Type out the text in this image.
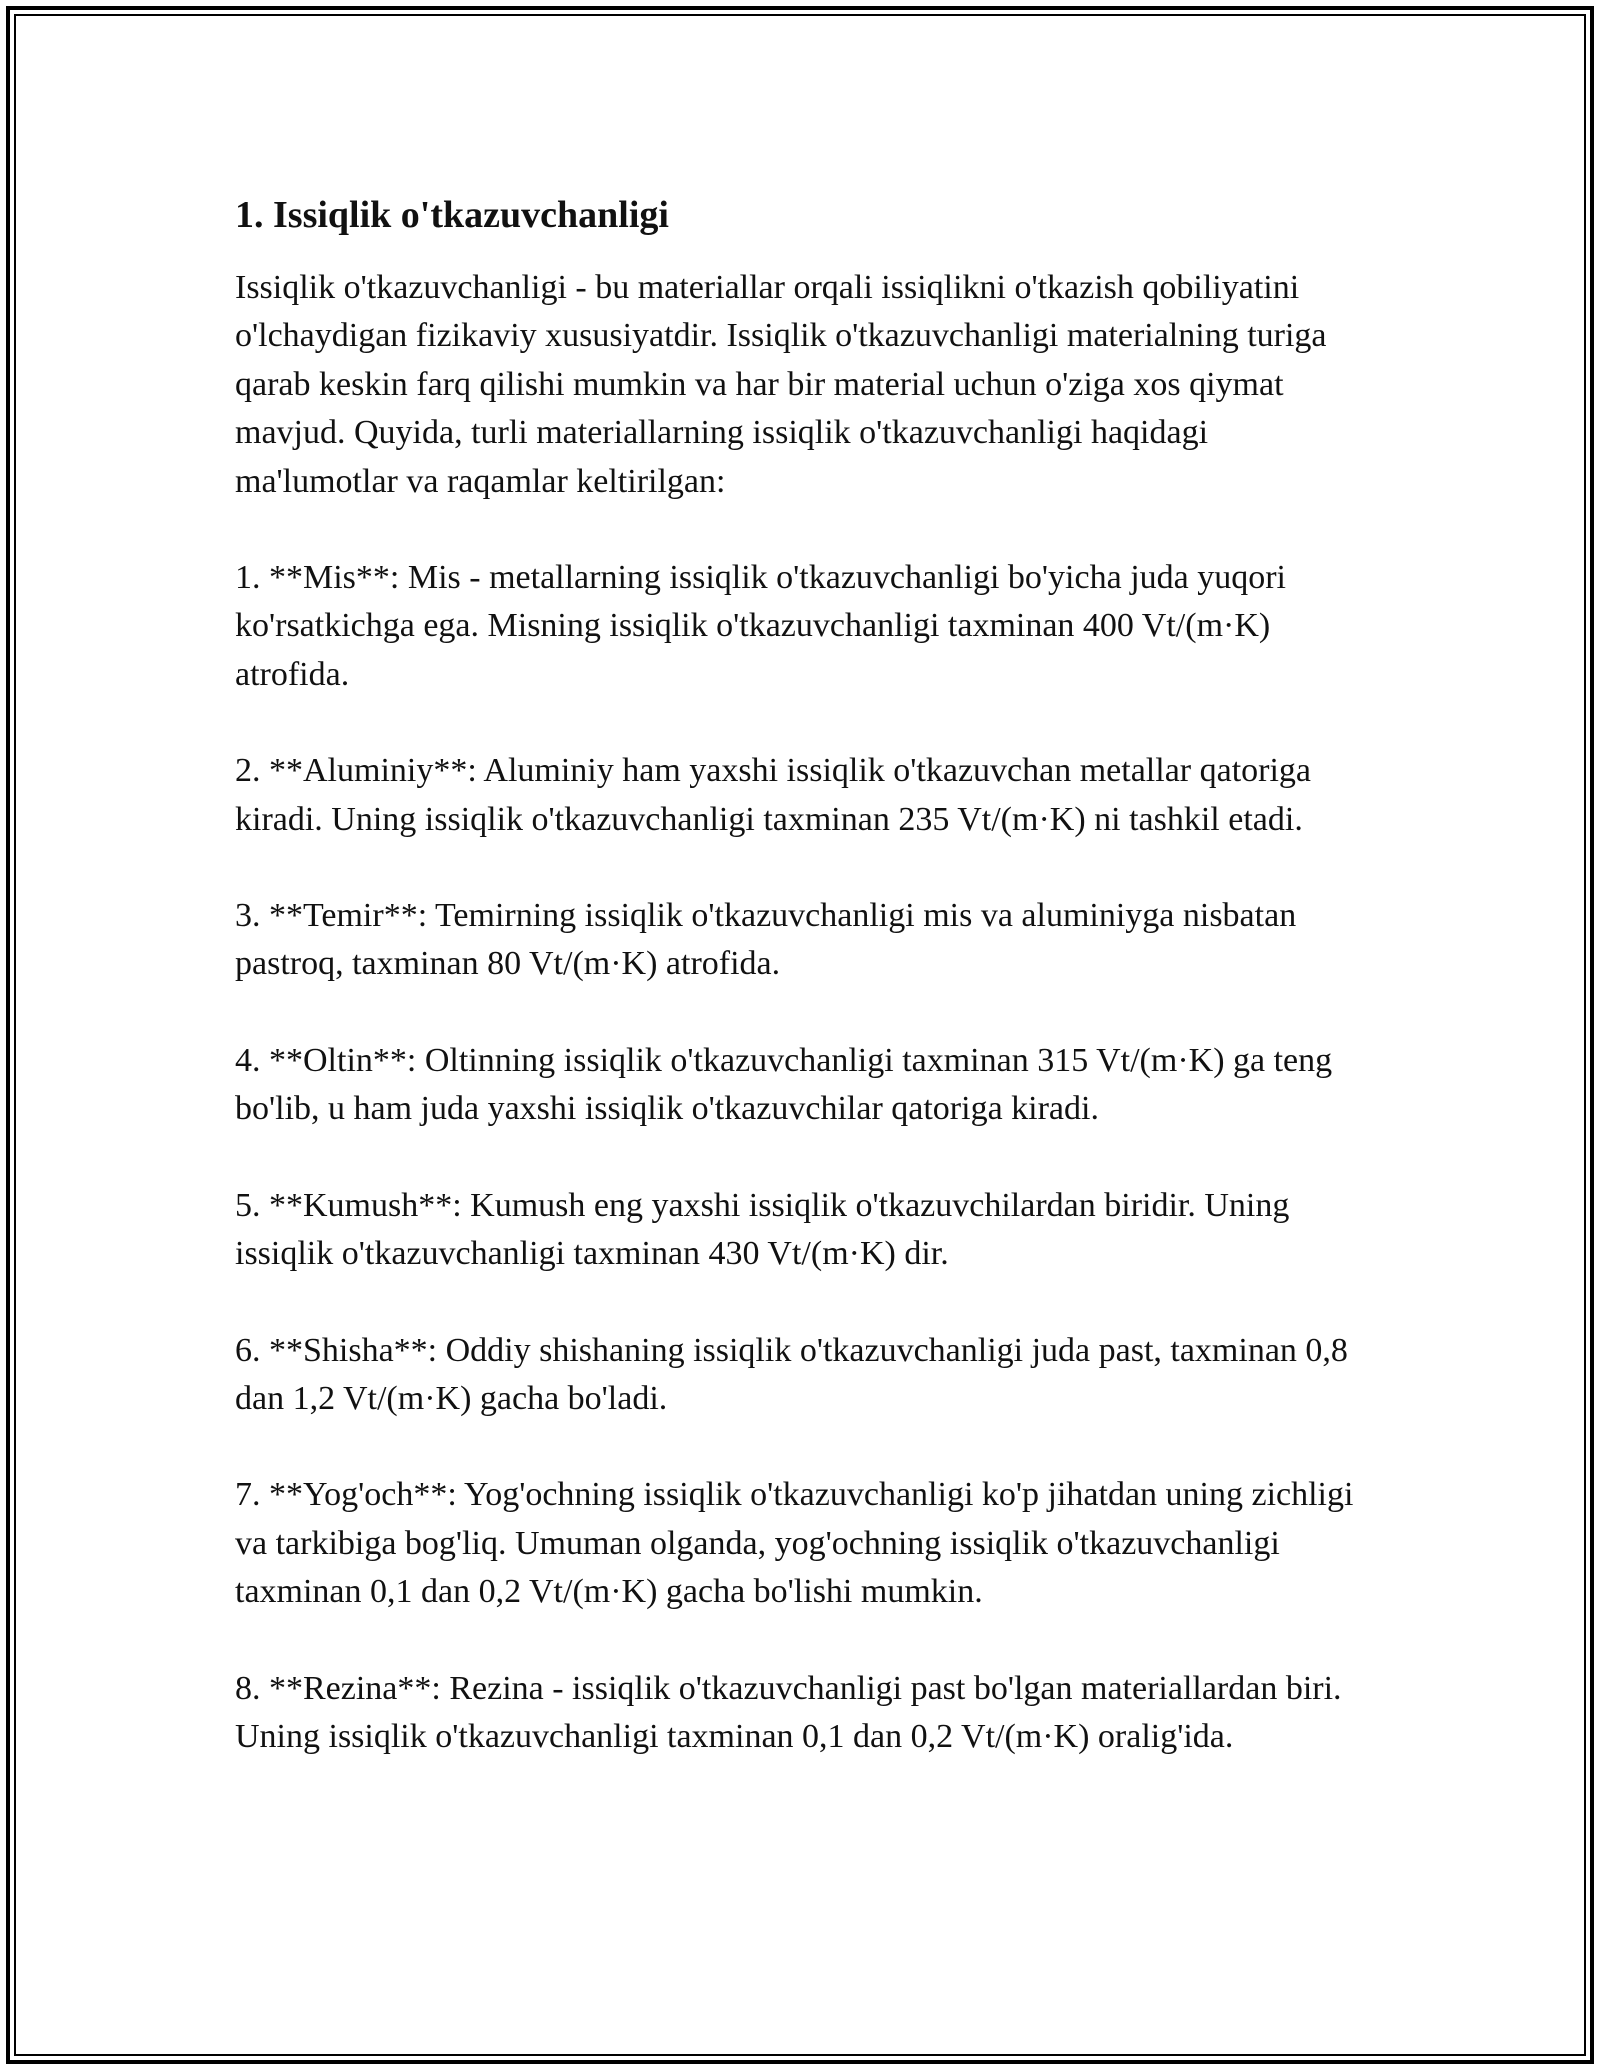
1. Issiqlik o'tkazuvchanligi

Issiqlik o'tkazuvchanligi - bu materiallar orqali issiqlikni o'tkazish qobiliyatini o'lchaydigan fizikaviy xususiyatdir. Issiqlik o'tkazuvchanligi materialning turiga qarab keskin farq qilishi mumkin va har bir material uchun o'ziga xos qiymat mavjud. Quyida, turli materiallarning issiqlik o'tkazuvchanligi haqidagi ma'lumotlar va raqamlar keltirilgan:

1. **Mis**: Mis - metallarning issiqlik o'tkazuvchanligi bo'yicha juda yuqori ko'rsatkichga ega. Misning issiqlik o'tkazuvchanligi taxminan 400 Vt/(m·K) atrofida.

2. **Aluminiy**: Aluminiy ham yaxshi issiqlik o'tkazuvchan metallar qatoriga kiradi. Uning issiqlik o'tkazuvchanligi taxminan 235 Vt/(m·K) ni tashkil etadi.

3. **Temir**: Temirning issiqlik o'tkazuvchanligi mis va aluminiyga nisbatan pastroq, taxminan 80 Vt/(m·K) atrofida.

4. **Oltin**: Oltinning issiqlik o'tkazuvchanligi taxminan 315 Vt/(m·K) ga teng bo'lib, u ham juda yaxshi issiqlik o'tkazuvchilar qatoriga kiradi.

5. **Kumush**: Kumush eng yaxshi issiqlik o'tkazuvchilardan biridir. Uning issiqlik o'tkazuvchanligi taxminan 430 Vt/(m·K) dir.

6. **Shisha**: Oddiy shishaning issiqlik o'tkazuvchanligi juda past, taxminan 0,8 dan 1,2 Vt/(m·K) gacha bo'ladi.

7. **Yog'och**: Yog'ochning issiqlik o'tkazuvchanligi ko'p jihatdan uning zichligi va tarkibiga bog'liq. Umuman olganda, yog'ochning issiqlik o'tkazuvchanligi taxminan 0,1 dan 0,2 Vt/(m·K) gacha bo'lishi mumkin.

8. **Rezina**: Rezina - issiqlik o'tkazuvchanligi past bo'lgan materiallardan biri. Uning issiqlik o'tkazuvchanligi taxminan 0,1 dan 0,2 Vt/(m·K) oralig'ida.
